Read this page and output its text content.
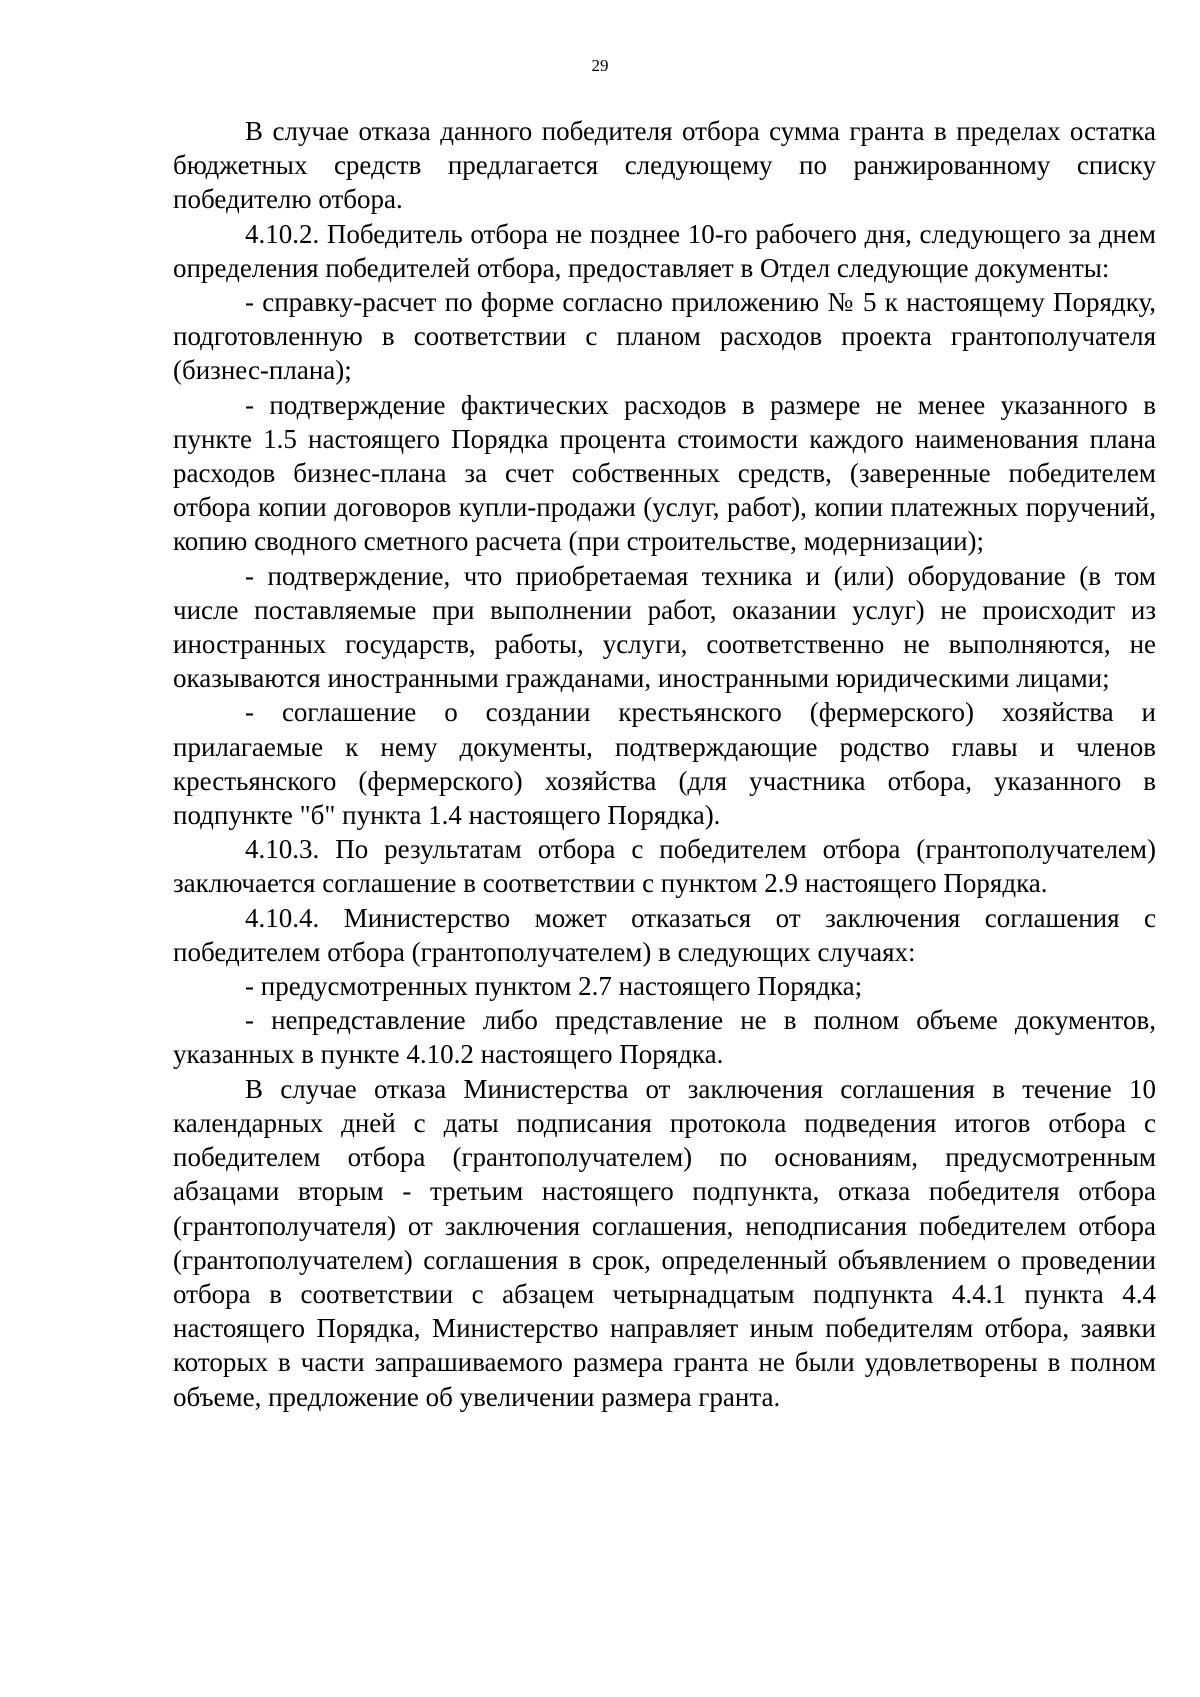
29

В случае отказа данного победителя отбора сумма гранта в пределах остатка бюджетных средств предлагается следующему по ранжированному списку победителю отбора.

4.10.2. Победитель отбора не позднее 10-го рабочего дня, следующего за днем определения победителей отбора, предоставляет в Отдел следующие документы:

- справку-расчет по форме согласно приложению № 5 к настоящему Порядку, подготовленную в соответствии с планом расходов проекта грантополучателя (бизнес-плана);

- подтверждение фактических расходов в размере не менее указанного в пункте 1.5 настоящего Порядка процента стоимости каждого наименования плана расходов бизнес-плана за счет собственных средств, (заверенные победителем отбора копии договоров купли-продажи (услуг, работ), копии платежных поручений, копию сводного сметного расчета (при строительстве, модернизации);

- подтверждение, что приобретаемая техника и (или) оборудование (в том числе поставляемые при выполнении работ, оказании услуг) не происходит из иностранных государств, работы, услуги, соответственно не выполняются, не оказываются иностранными гражданами, иностранными юридическими лицами;

- соглашение о создании крестьянского (фермерского) хозяйства и прилагаемые к нему документы, подтверждающие родство главы и членов крестьянского (фермерского) хозяйства (для участника отбора, указанного в подпункте "б" пункта 1.4 настоящего Порядка).

4.10.3. По результатам отбора с победителем отбора (грантополучателем) заключается соглашение в соответствии с пунктом 2.9 настоящего Порядка.

4.10.4. Министерство может отказаться от заключения соглашения с победителем отбора (грантополучателем) в следующих случаях:

- предусмотренных пунктом 2.7 настоящего Порядка;

- непредставление либо представление не в полном объеме документов, указанных в пункте 4.10.2 настоящего Порядка.

В случае отказа Министерства от заключения соглашения в течение 10 календарных дней с даты подписания протокола подведения итогов отбора с победителем отбора (грантополучателем) по основаниям, предусмотренным абзацами вторым - третьим настоящего подпункта, отказа победителя отбора (грантополучателя) от заключения соглашения, неподписания победителем отбора (грантополучателем) соглашения в срок, определенный объявлением о проведении отбора в соответствии с абзацем четырнадцатым подпункта 4.4.1 пункта 4.4 настоящего Порядка, Министерство направляет иным победителям отбора, заявки которых в части запрашиваемого размера гранта не были удовлетворены в полном объеме, предложение об увеличении размера гранта.
